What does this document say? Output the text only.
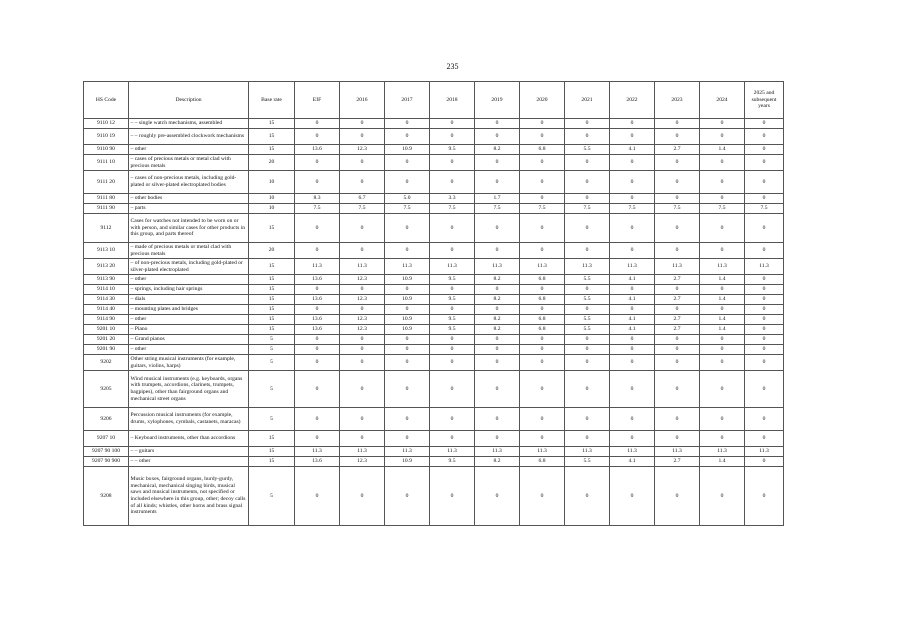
235
HS Code	Description	Base rate	EIF	2016	2017	2018	2019	2020	2021	2022	2023	2024	2025 and subsequent years
9110 12	– – single watch mechanisms, assembled	15	0	0	0	0	0	0	0	0	0	0	0
9110 19	– – roughly pre-assembled clockwork mechanisms	15	0	0	0	0	0	0	0	0	0	0	0
9110 90	– other	15	13.6	12.3	10.9	9.5	8.2	6.8	5.5	4.1	2.7	1.4	0
9111 10	– cases of precious metals or metal clad with precious metals	20	0	0	0	0	0	0	0	0	0	0	0
9111 20	– cases of non-precious metals, including gold-plated or silver-plated electroplated bodies	10	0	0	0	0	0	0	0	0	0	0	0
9111 80	– other bodies	10	8.3	6.7	5.0	3.3	1.7	0	0	0	0	0	0
9111 90	– parts	10	7.5	7.5	7.5	7.5	7.5	7.5	7.5	7.5	7.5	7.5	7.5
9112	Cases for watches not intended to be worn on or with person, and similar cases for other products in this group, and parts thereof	15	0	0	0	0	0	0	0	0	0	0	0
9113 10	– made of precious metals or metal clad with precious metals	20	0	0	0	0	0	0	0	0	0	0	0
9113 20	– of non-precious metals, including gold-plated or silver-plated electroplated	15	11.3	11.3	11.3	11.3	11.3	11.3	11.3	11.3	11.3	11.3	11.3
9113 90	– other	15	13.6	12.3	10.9	9.5	8.2	6.8	5.5	4.1	2.7	1.4	0
9114 10	– springs, including hair springs	15	0	0	0	0	0	0	0	0	0	0	0
9114 30	– dials	15	13.6	12.3	10.9	9.5	8.2	6.8	5.5	4.1	2.7	1.4	0
9114 40	– mounting plates and bridges	15	0	0	0	0	0	0	0	0	0	0	0
9114 90	– other	15	13.6	12.3	10.9	9.5	8.2	6.8	5.5	4.1	2.7	1.4	0
9201 10	– Piano	15	13.6	12.3	10.9	9.5	8.2	6.8	5.5	4.1	2.7	1.4	0
9201 20	– Grand pianos	5	0	0	0	0	0	0	0	0	0	0	0
9201 90	– other	5	0	0	0	0	0	0	0	0	0	0	0
9202	Other string musical instruments (for example, guitars, violins, harps)	5	0	0	0	0	0	0	0	0	0	0	0
9205	Wind musical instruments (e.g. keyboards, organs with trumpets, accordions, clarinets, trumpets, bagpipes), other than fairground organs and mechanical street organs	5	0	0	0	0	0	0	0	0	0	0	0
9206	Percussion musical instruments (for example, drums, xylophones, cymbals, castanets, maracas)	5	0	0	0	0	0	0	0	0	0	0	0
9207 10	– Keyboard instruments, other than accordions	15	0	0	0	0	0	0	0	0	0	0	0
9207 90 100	– – guitars	15	11.3	11.3	11.3	11.3	11.3	11.3	11.3	11.3	11.3	11.3	11.3
9207 90 900	– – other	15	13.6	12.3	10.9	9.5	8.2	6.8	5.5	4.1	2.7	1.4	0
9208	Music boxes, fairground organs, hurdy-gurdy, mechanical, mechanical singing birds, musical saws and musical instruments, not specified or included elsewhere in this group, other; decoy calls of all kinds; whistles, other horns and brass signal instruments	5	0	0	0	0	0	0	0	0	0	0	0
